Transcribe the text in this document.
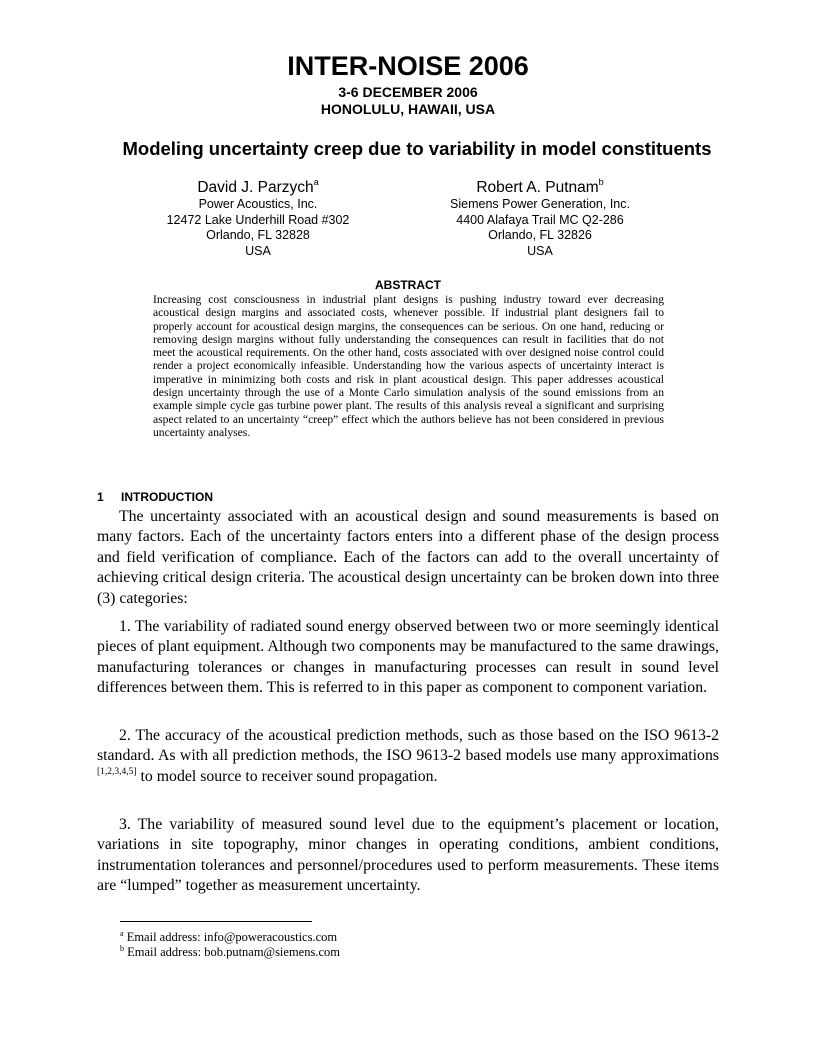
INTER-NOISE 2006
3-6 DECEMBER 2006
HONOLULU, HAWAII, USA
Modeling uncertainty creep due to variability in model constituents
David J. Parzych$^a$
Power Acoustics, Inc.
12472 Lake Underhill Road #302
Orlando, FL 32828
USA
Robert A. Putnam$^b$
Siemens Power Generation, Inc.
4400 Alafaya Trail MC Q2-286
Orlando, FL 32826
USA
ABSTRACT
Increasing cost consciousness in industrial plant designs is pushing industry toward ever decreasing acoustical design margins and associated costs, whenever possible. If industrial plant designers fail to properly account for acoustical design margins, the consequences can be serious. On one hand, reducing or removing design margins without fully understanding the consequences can result in facilities that do not meet the acoustical requirements. On the other hand, costs associated with over designed noise control could render a project economically infeasible. Understanding how the various aspects of uncertainty interact is imperative in minimizing both costs and risk in plant acoustical design. This paper addresses acoustical design uncertainty through the use of a Monte Carlo simulation analysis of the sound emissions from an example simple cycle gas turbine power plant. The results of this analysis reveal a significant and surprising aspect related to an uncertainty “creep” effect which the authors believe has not been considered in previous uncertainty analyses.
1 INTRODUCTION
The uncertainty associated with an acoustical design and sound measurements is based on many factors. Each of the uncertainty factors enters into a different phase of the design process and field verification of compliance. Each of the factors can add to the overall uncertainty of achieving critical design criteria. The acoustical design uncertainty can be broken down into three (3) categories:
1. The variability of radiated sound energy observed between two or more seemingly identical pieces of plant equipment. Although two components may be manufactured to the same drawings, manufacturing tolerances or changes in manufacturing processes can result in sound level differences between them. This is referred to in this paper as component to component variation.
2. The accuracy of the acoustical prediction methods, such as those based on the ISO 9613-2 standard. As with all prediction methods, the ISO 9613-2 based models use many approximations [1,2,3,4,5] to model source to receiver sound propagation.
3. The variability of measured sound level due to the equipment’s placement or location, variations in site topography, minor changes in operating conditions, ambient conditions, instrumentation tolerances and personnel/procedures used to perform measurements. These items are “lumped” together as measurement uncertainty.
$^a$ Email address: info@poweracoustics.com
$^b$ Email address: bob.putnam@siemens.com
